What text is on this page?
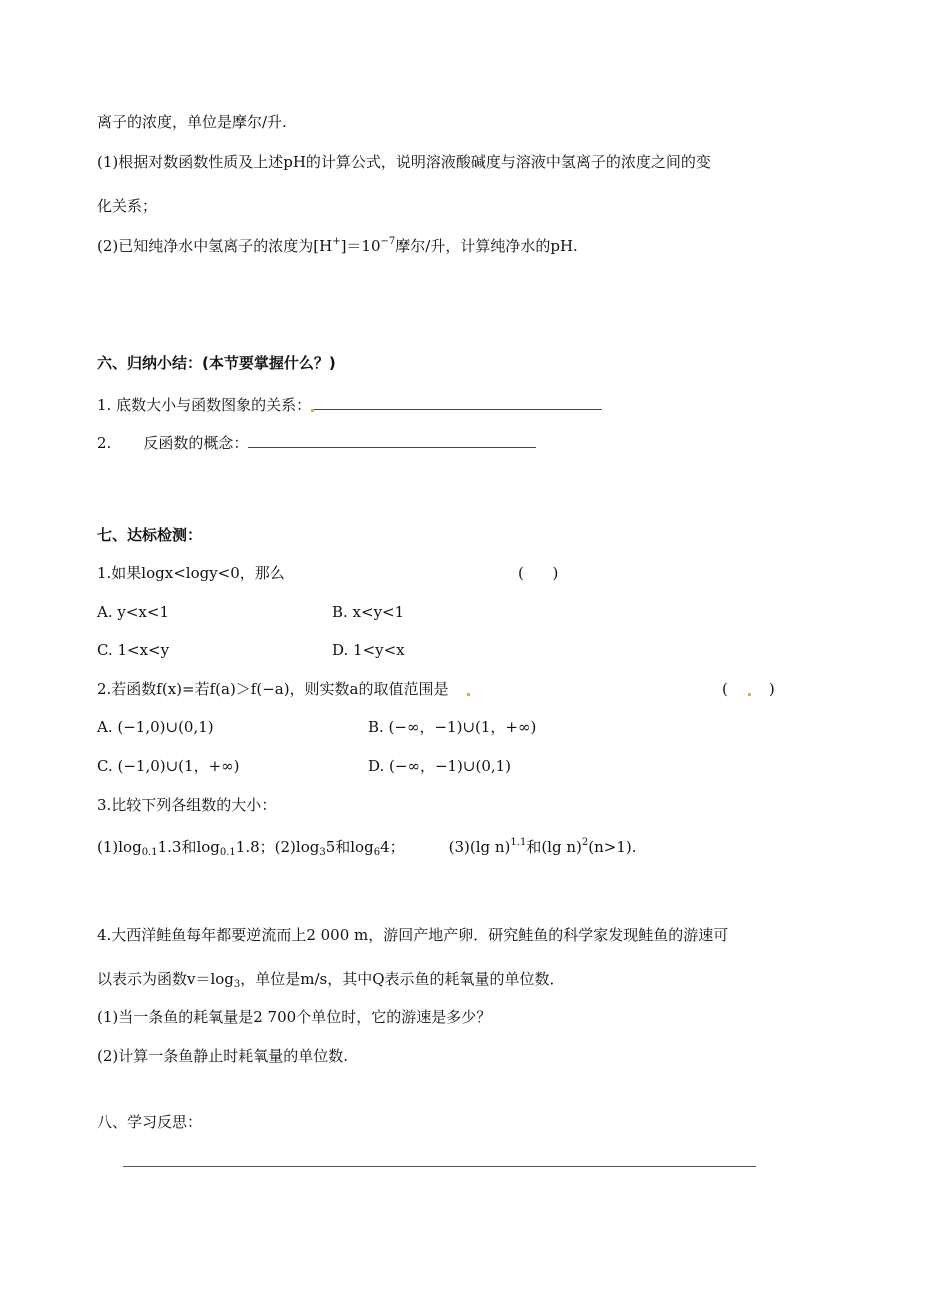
离子的浓度，单位是摩尔/升.
(1)根据对数函数性质及上述pH的计算公式，说明溶液酸碱度与溶液中氢离子的浓度之间的变
化关系；
(2)已知纯净水中氢离子的浓度为$[H^+]=10^{-7}$摩尔/升，计算纯净水的pH.
六、归纳小结：(本节要掌握什么？)
1. 底数大小与函数图象的关系：
2. 反函数的概念：
七、达标检测：
1.如果logx<logy<0，那么	(      )
A. y<x<1	B. x<y<1
C. 1<x<y	D. 1<y<x
2.若函数f(x)=若f(a)＞f(−a)，则实数a的取值范围是	(	)
A. (−1,0)∪(0,1)	B. (−∞，−1)∪(1，+∞)
C. (−1,0)∪(1，+∞)	D. (−∞，−1)∪(0,1)
3.比较下列各组数的大小：
$(1)\log_{0.1}1.3$和$\log_{0.1}1.8$；$(2)\log_35$和$\log_64$；	(3)(lg n)$^{1.1}$和(lg n)$^2$(n>1).
4.大西洋鲑鱼每年都要逆流而上2 000 m，游回产地产卵．研究鲑鱼的科学家发现鲑鱼的游速可
以表示为函数$v=\log_3$，单位是m/s，其中Q表示鱼的耗氧量的单位数．
(1)当一条鱼的耗氧量是2 700个单位时，它的游速是多少？
(2)计算一条鱼静止时耗氧量的单位数.
八、学习反思：
